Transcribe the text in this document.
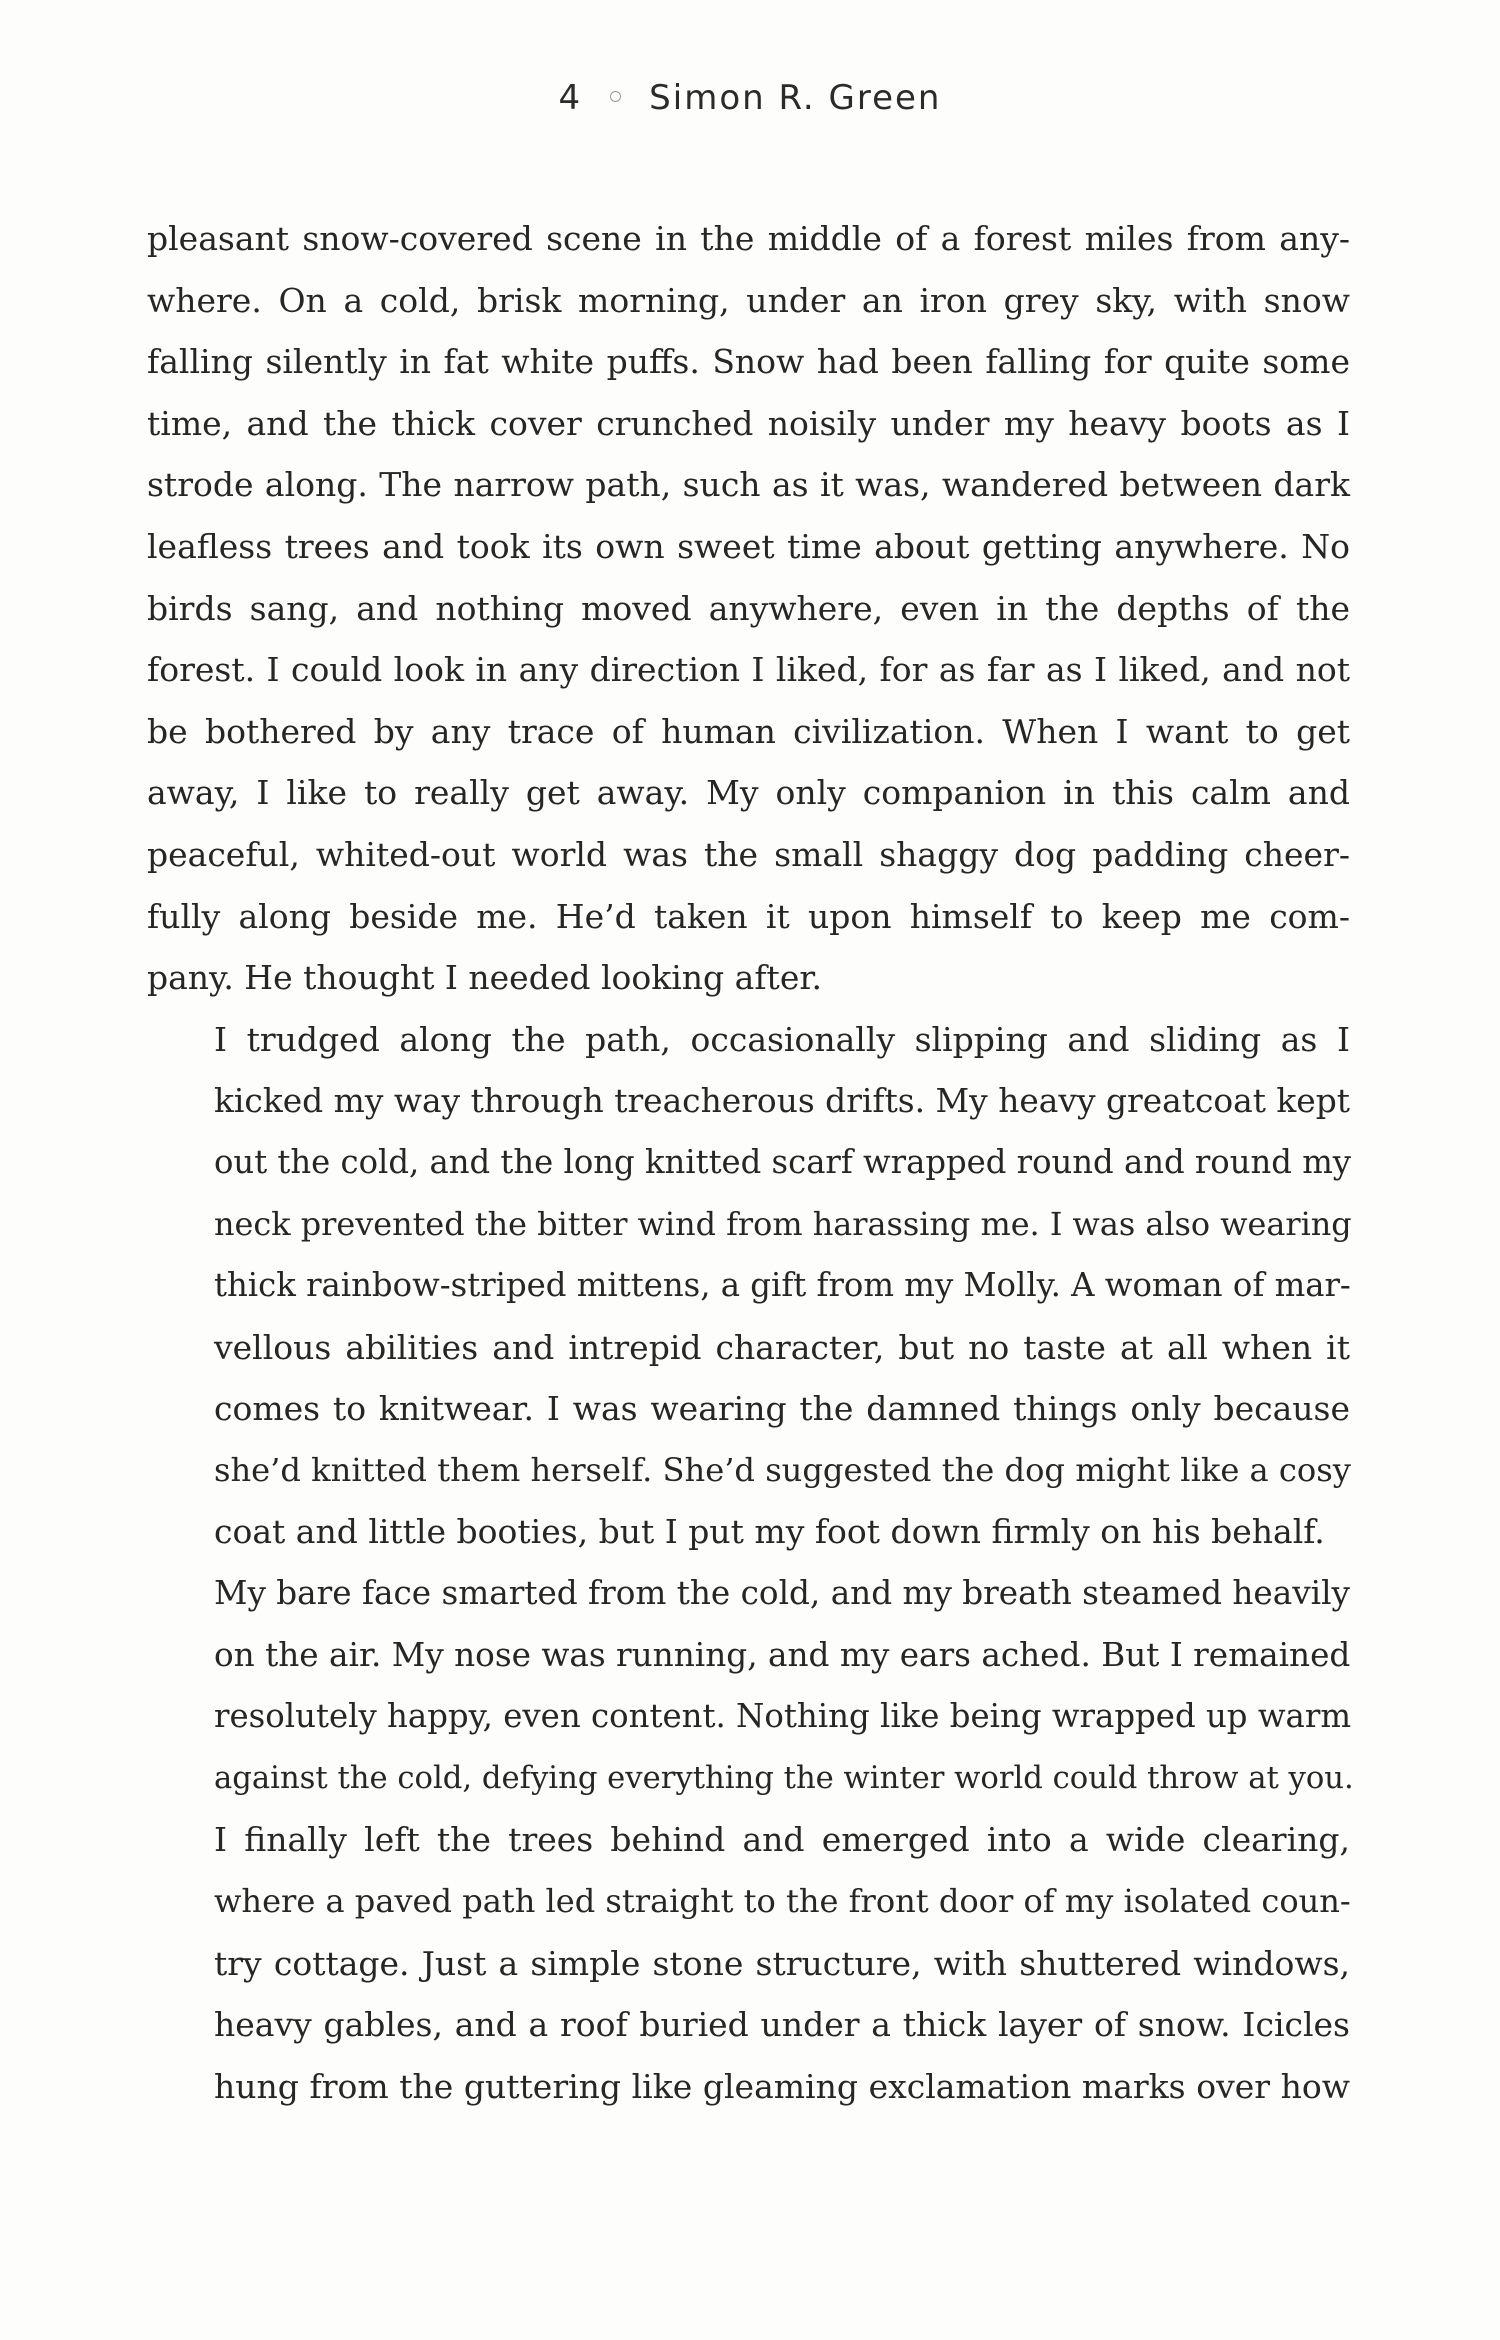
4 Simon R. Green

pleasant snow-covered scene in the middle of a forest miles from any-
where. On a cold, brisk morning, under an iron grey sky, with snow
falling silently in fat white puffs. Snow had been falling for quite some
time, and the thick cover crunched noisily under my heavy boots as I
strode along. The narrow path, such as it was, wandered between dark
leafless trees and took its own sweet time about getting anywhere. No
birds sang, and nothing moved anywhere, even in the depths of the
forest. I could look in any direction I liked, for as far as I liked, and not
be bothered by any trace of human civilization. When I want to get
away, I like to really get away. My only companion in this calm and
peaceful, whited-out world was the small shaggy dog padding cheer-
fully along beside me. He’d taken it upon himself to keep me com-
pany. He thought I needed looking after.

I trudged along the path, occasionally slipping and sliding as I
kicked my way through treacherous drifts. My heavy greatcoat kept
out the cold, and the long knitted scarf wrapped round and round my
neck prevented the bitter wind from harassing me. I was also wearing
thick rainbow-striped mittens, a gift from my Molly. A woman of mar-
vellous abilities and intrepid character, but no taste at all when it
comes to knitwear. I was wearing the damned things only because
she’d knitted them herself. She’d suggested the dog might like a cosy
coat and little booties, but I put my foot down firmly on his behalf.

My bare face smarted from the cold, and my breath steamed heavily
on the air. My nose was running, and my ears ached. But I remained
resolutely happy, even content. Nothing like being wrapped up warm
against the cold, defying everything the winter world could throw at you.

I finally left the trees behind and emerged into a wide clearing,
where a paved path led straight to the front door of my isolated coun-
try cottage. Just a simple stone structure, with shuttered windows,
heavy gables, and a roof buried under a thick layer of snow. Icicles
hung from the guttering like gleaming exclamation marks over how
